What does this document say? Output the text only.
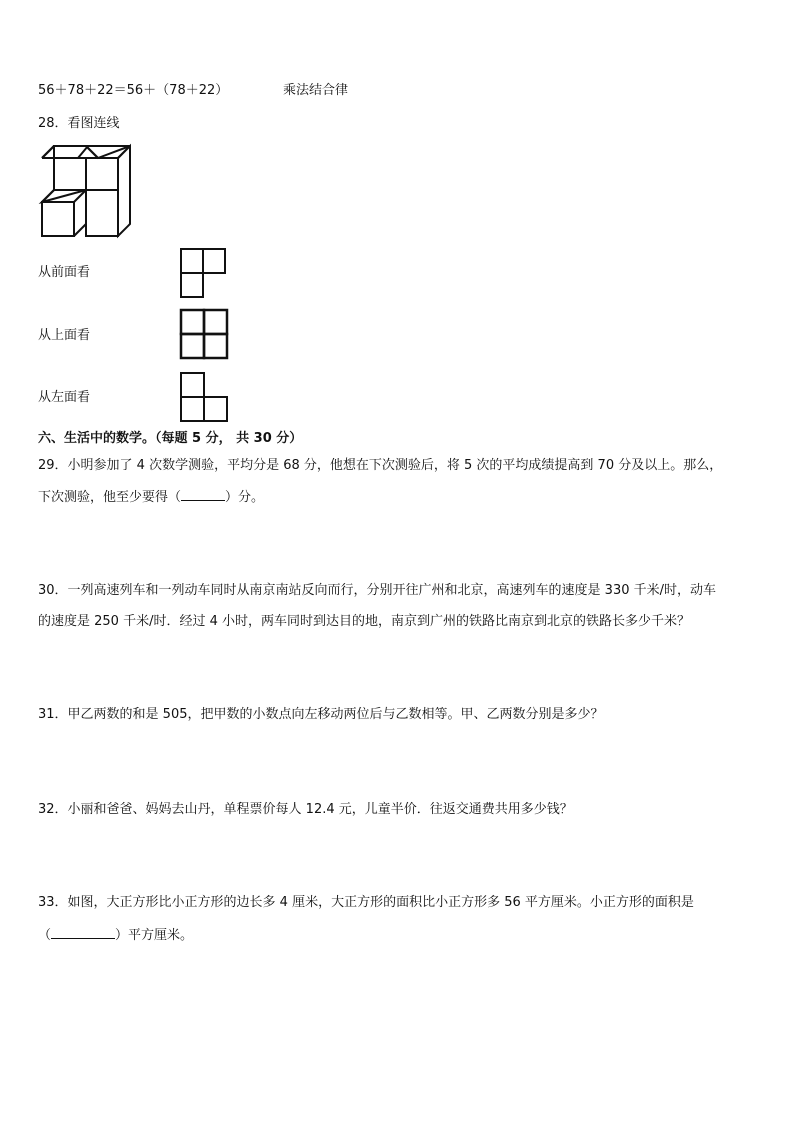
56＋78＋22＝56＋（78＋22）	乘法结合律
28．看图连线
从前面看
从上面看
从左面看
六、生活中的数学。（每题 5 分， 共 30 分）
29．小明参加了 4 次数学测验，平均分是 68 分，他想在下次测验后，将 5 次的平均成绩提高到 70 分及以上。那么，
下次测验，他至少要得（	）分。
30．一列高速列车和一列动车同时从南京南站反向而行，分别开往广州和北京，高速列车的速度是 330 千米/时，动车
的速度是 250 千米/时．经过 4 小时，两车同时到达目的地，南京到广州的铁路比南京到北京的铁路长多少千米？
31．甲乙两数的和是 505，把甲数的小数点向左移动两位后与乙数相等。甲、乙两数分别是多少？
32．小丽和爸爸、妈妈去山丹，单程票价每人 12.4 元，儿童半价．往返交通费共用多少钱？
33．如图，大正方形比小正方形的边长多 4 厘米，大正方形的面积比小正方形多 56 平方厘米。小正方形的面积是
（	）平方厘米。
